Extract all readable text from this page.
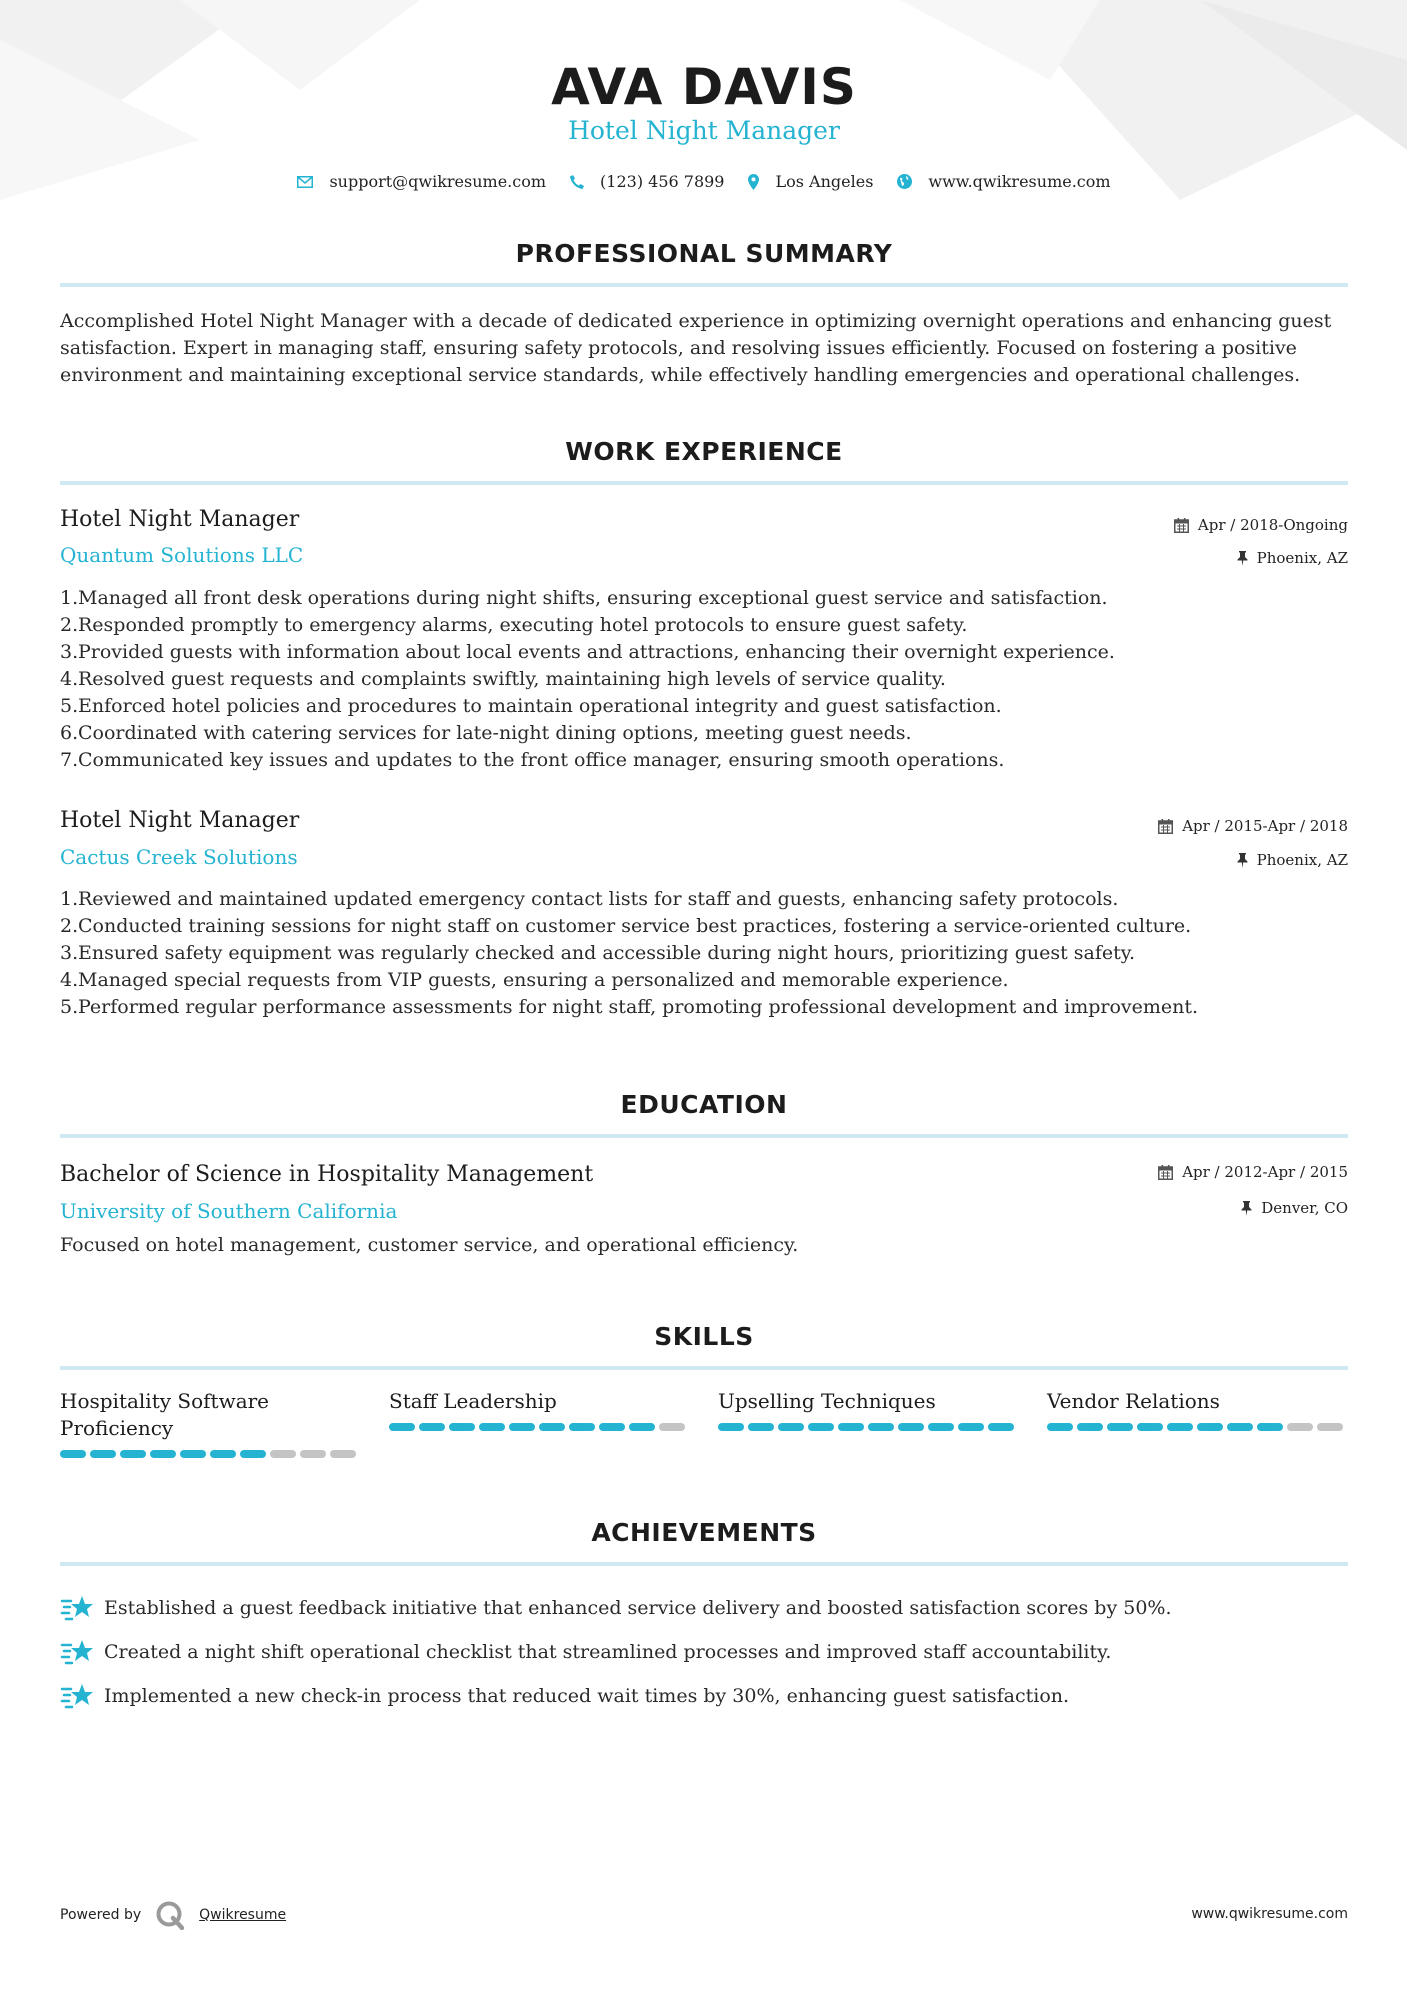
AVA DAVIS
Hotel Night Manager
support@qwikresume.com	(123) 456 7899	Los Angeles	www.qwikresume.com
PROFESSIONAL SUMMARY
Accomplished Hotel Night Manager with a decade of dedicated experience in optimizing overnight operations and enhancing guest satisfaction. Expert in managing staff, ensuring safety protocols, and resolving issues efficiently. Focused on fostering a positive environment and maintaining exceptional service standards, while effectively handling emergencies and operational challenges.
WORK EXPERIENCE
Hotel Night Manager	Apr / 2018-Ongoing
Quantum Solutions LLC	Phoenix, AZ
Managed all front desk operations during night shifts, ensuring exceptional guest service and satisfaction.
Responded promptly to emergency alarms, executing hotel protocols to ensure guest safety.
Provided guests with information about local events and attractions, enhancing their overnight experience.
Resolved guest requests and complaints swiftly, maintaining high levels of service quality.
Enforced hotel policies and procedures to maintain operational integrity and guest satisfaction.
Coordinated with catering services for late-night dining options, meeting guest needs.
Communicated key issues and updates to the front office manager, ensuring smooth operations.
Hotel Night Manager	Apr / 2015-Apr / 2018
Cactus Creek Solutions	Phoenix, AZ
Reviewed and maintained updated emergency contact lists for staff and guests, enhancing safety protocols.
Conducted training sessions for night staff on customer service best practices, fostering a service-oriented culture.
Ensured safety equipment was regularly checked and accessible during night hours, prioritizing guest safety.
Managed special requests from VIP guests, ensuring a personalized and memorable experience.
Performed regular performance assessments for night staff, promoting professional development and improvement.
EDUCATION
Bachelor of Science in Hospitality Management	Apr / 2012-Apr / 2015
University of Southern California	Denver, CO
Focused on hotel management, customer service, and operational efficiency.
SKILLS
Hospitality Software Proficiency
Staff Leadership	Upselling Techniques	Vendor Relations
ACHIEVEMENTS
Established a guest feedback initiative that enhanced service delivery and boosted satisfaction scores by 50%.
Created a night shift operational checklist that streamlined processes and improved staff accountability.
Implemented a new check-in process that reduced wait times by 30%, enhancing guest satisfaction.
Powered by	Qwikresume	www.qwikresume.com
